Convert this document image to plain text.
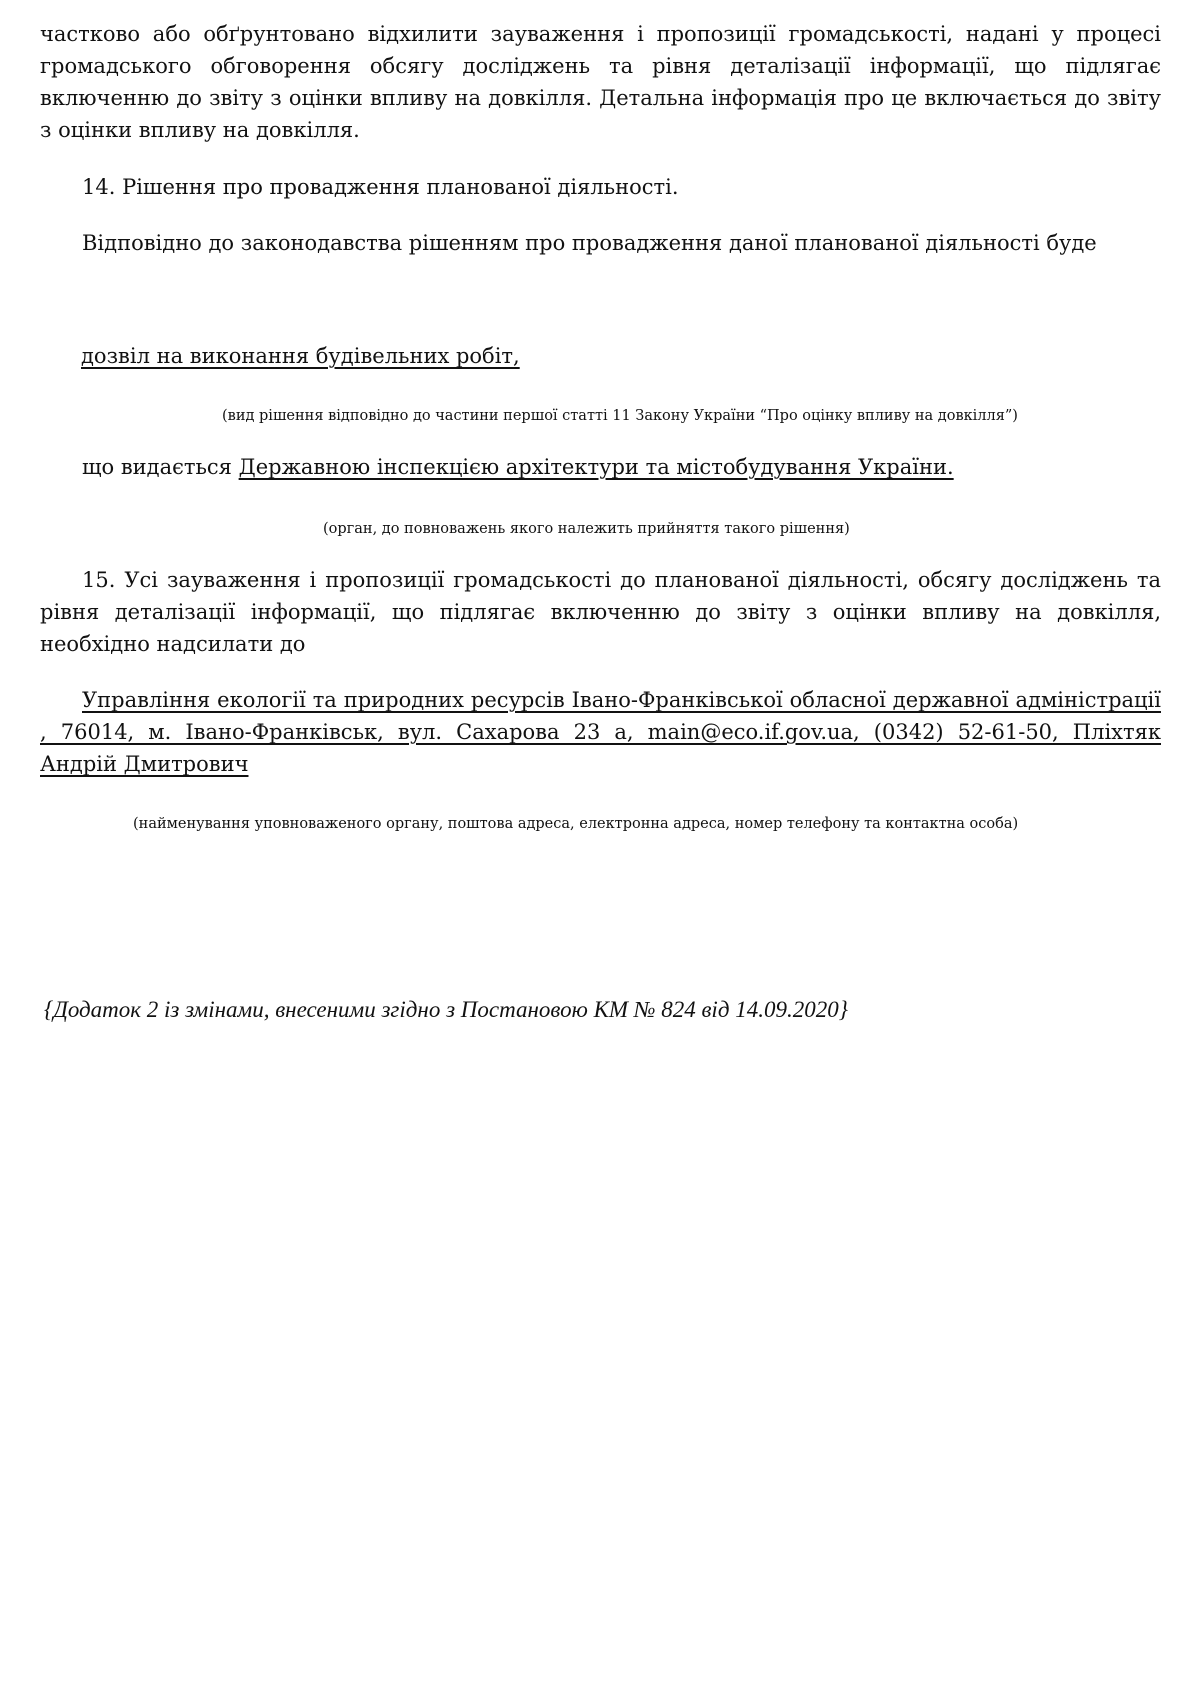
частково або обґрунтовано відхилити зауваження і пропозиції громадськості, надані у процесі громадського обговорення обсягу досліджень та рівня деталізації інформації, що підлягає включенню до звіту з оцінки впливу на довкілля. Детальна інформація про це включається до звіту з оцінки впливу на довкілля.

14. Рішення про провадження планованої діяльності.

Відповідно до законодавства рішенням про провадження даної планованої діяльності буде

дозвіл на виконання будівельних робіт,

(вид рішення відповідно до частини першої статті 11 Закону України “Про оцінку впливу на довкілля”)

що видається Державною інспекцією архітектури та містобудування України.

(орган, до повноважень якого належить прийняття такого рішення)

15. Усі зауваження і пропозиції громадськості до планованої діяльності, обсягу досліджень та рівня деталізації інформації, що підлягає включенню до звіту з оцінки впливу на довкілля, необхідно надсилати до

Управління екології та природних ресурсів Івано-Франківської обласної державної адміністрації , 76014, м. Івано-Франківськ, вул. Сахарова 23 а, main@eco.if.gov.ua, (0342) 52-61-50, Пліхтяк Андрій Дмитрович

(найменування уповноваженого органу, поштова адреса, електронна адреса, номер телефону та контактна особа)

{Додаток 2 із змінами, внесеними згідно з Постановою КМ № 824 від 14.09.2020}
